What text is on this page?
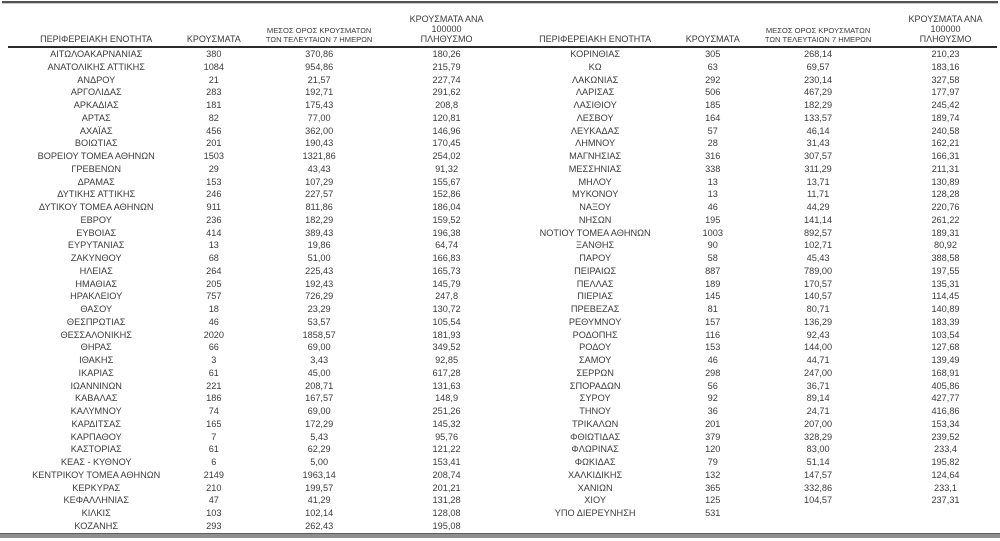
ΠΕΡΙΦΕΡΕΙΑΚΗ ΕΝΟΤΗΤΑ	ΚΡΟΥΣΜΑΤΑ
ΜΕΣΟΣ ΟΡΟΣ ΚΡΟΥΣΜΑΤΩΝ
ΤΩΝ ΤΕΛΕΥΤΑΙΩΝ 7 ΗΜΕΡΩΝ
ΚΡΟΥΣΜΑΤΑ ΑΝΑ 100000
ΠΛΗΘΥΣΜΟ
ΑΙΤΩΛΟΑΚΑΡΝΑΝΙΑΣ	380	370,86	180,26
ΑΝΑΤΟΛΙΚΗΣ ΑΤΤΙΚΗΣ	1084	954,86	215,79
ΑΝΔΡΟΥ	21	21,57	227,74
ΑΡΓΟΛΙΔΑΣ	283	192,71	291,62
ΑΡΚΑΔΙΑΣ	181	175,43	208,8
ΑΡΤΑΣ	82	77,00	120,81
ΑΧΑΪΑΣ	456	362,00	146,96
ΒΟΙΩΤΙΑΣ	201	190,43	170,45
ΒΟΡΕΙΟΥ ΤΟΜΕΑ ΑΘΗΝΩΝ	1503	1321,86	254,02
ΓΡΕΒΕΝΩΝ	29	43,43	91,32
ΔΡΑΜΑΣ	153	107,29	155,67
ΔΥΤΙΚΗΣ ΑΤΤΙΚΗΣ	246	227,57	152,86
ΔΥΤΙΚΟΥ ΤΟΜΕΑ ΑΘΗΝΩΝ	911	811,86	186,04
ΕΒΡΟΥ	236	182,29	159,52
ΕΥΒΟΙΑΣ	414	389,43	196,38
ΕΥΡΥΤΑΝΙΑΣ	13	19,86	64,74
ΖΑΚΥΝΘΟΥ	68	51,00	166,83
ΗΛΕΙΑΣ	264	225,43	165,73
ΗΜΑΘΙΑΣ	205	192,43	145,79
ΗΡΑΚΛΕΙΟΥ	757	726,29	247,8
ΘΑΣΟΥ	18	23,29	130,72
ΘΕΣΠΡΩΤΙΑΣ	46	53,57	105,54
ΘΕΣΣΑΛΟΝΙΚΗΣ	2020	1858,57	181,93
ΘΗΡΑΣ	66	69,00	349,52
ΙΘΑΚΗΣ	3	3,43	92,85
ΙΚΑΡΙΑΣ	61	45,00	617,28
ΙΩΑΝΝΙΝΩΝ	221	208,71	131,63
ΚΑΒΑΛΑΣ	186	167,57	148,9
ΚΑΛΥΜΝΟΥ	74	69,00	251,26
ΚΑΡΔΙΤΣΑΣ	165	172,29	145,32
ΚΑΡΠΑΘΟΥ	7	5,43	95,76
ΚΑΣΤΟΡΙΑΣ	61	62,29	121,22
ΚΕΑΣ - ΚΥΘΝΟΥ	6	5,00	153,41
ΚΕΝΤΡΙΚΟΥ ΤΟΜΕΑ ΑΘΗΝΩΝ	2149	1963,14	208,74
ΚΕΡΚΥΡΑΣ	210	199,57	201,21
ΚΕΦΑΛΛΗΝΙΑΣ	47	41,29	131,28
ΚΙΛΚΙΣ	103	102,14	128,08
ΚΟΖΑΝΗΣ	293	262,43	195,08
ΠΕΡΙΦΕΡΕΙΑΚΗ ΕΝΟΤΗΤΑ	ΚΡΟΥΣΜΑΤΑ
ΜΕΣΟΣ ΟΡΟΣ ΚΡΟΥΣΜΑΤΩΝ
ΤΩΝ ΤΕΛΕΥΤΑΙΩΝ 7 ΗΜΕΡΩΝ
ΚΡΟΥΣΜΑΤΑ ΑΝΑ 100000
ΠΛΗΘΥΣΜΟ
ΚΟΡΙΝΘΙΑΣ	305	268,14	210,23
ΚΩ	63	69,57	183,16
ΛΑΚΩΝΙΑΣ	292	230,14	327,58
ΛΑΡΙΣΑΣ	506	467,29	177,97
ΛΑΣΙΘΙΟΥ	185	182,29	245,42
ΛΕΣΒΟΥ	164	133,57	189,74
ΛΕΥΚΑΔΑΣ	57	46,14	240,58
ΛΗΜΝΟΥ	28	31,43	162,21
ΜΑΓΝΗΣΙΑΣ	316	307,57	166,31
ΜΕΣΣΗΝΙΑΣ	338	311,29	211,31
ΜΗΛΟΥ	13	13,71	130,89
ΜΥΚΟΝΟΥ	13	11,71	128,28
ΝΑΞΟΥ	46	44,29	220,76
ΝΗΣΩΝ	195	141,14	261,22
ΝΟΤΙΟΥ ΤΟΜΕΑ ΑΘΗΝΩΝ	1003	892,57	189,31
ΞΑΝΘΗΣ	90	102,71	80,92
ΠΑΡΟΥ	58	45,43	388,58
ΠΕΙΡΑΙΩΣ	887	789,00	197,55
ΠΕΛΛΑΣ	189	170,57	135,31
ΠΙΕΡΙΑΣ	145	140,57	114,45
ΠΡΕΒΕΖΑΣ	81	80,71	140,89
ΡΕΘΥΜΝΟΥ	157	136,29	183,39
ΡΟΔΟΠΗΣ	116	92,43	103,54
ΡΟΔΟΥ	153	144,00	127,68
ΣΑΜΟΥ	46	44,71	139,49
ΣΕΡΡΩΝ	298	247,00	168,91
ΣΠΟΡΑΔΩΝ	56	36,71	405,86
ΣΥΡΟΥ	92	89,14	427,77
ΤΗΝΟΥ	36	24,71	416,86
ΤΡΙΚΑΛΩΝ	201	207,00	153,34
ΦΘΙΩΤΙΔΑΣ	379	328,29	239,52
ΦΛΩΡΙΝΑΣ	120	83,00	233,4
ΦΩΚΙΔΑΣ	79	51,14	195,82
ΧΑΛΚΙΔΙΚΗΣ	132	147,57	124,64
ΧΑΝΙΩΝ	365	332,86	233,1
ΧΙΟΥ	125	104,57	237,31
ΥΠΟ ΔΙΕΡΕΥΝΗΣΗ	531
